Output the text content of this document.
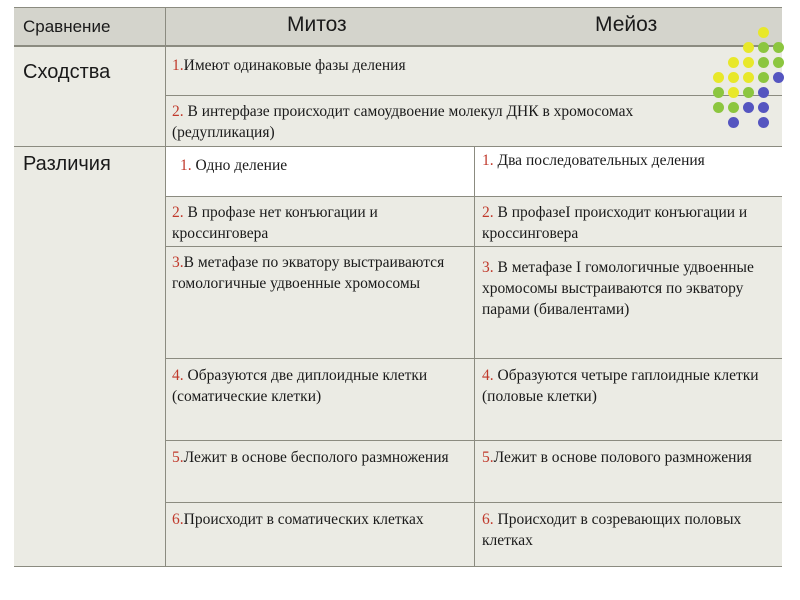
Сравнение	Митоз	Мейоз
Сходства
Различия
1.Имеют одинаковые фазы деления
2. В интерфазе происходит самоудвоение молекул ДНК в хромосомах (редупликация)
1. Одно деление
2. В профазе нет конъюгации и кроссинговера
3.В метафазе по экватору выстраиваются гомологичные удвоенные хромосомы
4. Образуются две диплоидные клетки (соматические клетки)
5.Лежит в основе бесполого размножения
6.Происходит в соматических клетках
1. Два последовательных деления
2. В профазеI происходит конъюгации и кроссинговера
3. В метафазе I гомологичные удвоенные хромосомы выстраиваются по экватору парами (бивалентами)
4. Образуются четыре гаплоидные клетки (половые клетки)
5.Лежит в основе полового размножения
6. Происходит в созревающих половых клетках
